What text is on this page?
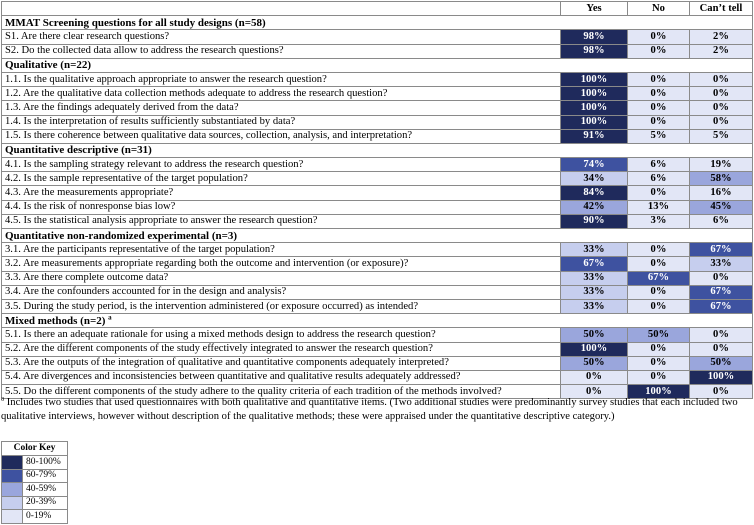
	Yes	No	Can’t tell
MMAT Screening questions for all study designs (n=58)			
S1. Are there clear research questions?	98%	0%	2%
S2. Do the collected data allow to address the research questions?	98%	0%	2%
Qualitative (n=22)			
1.1. Is the qualitative approach appropriate to answer the research question?	100%	0%	0%
1.2. Are the qualitative data collection methods adequate to address the research question?	100%	0%	0%
1.3. Are the findings adequately derived from the data?	100%	0%	0%
1.4. Is the interpretation of results sufficiently substantiated by data?	100%	0%	0%
1.5. Is there coherence between qualitative data sources, collection, analysis, and interpretation?	91%	5%	5%
Quantitative descriptive (n=31)			
4.1. Is the sampling strategy relevant to address the research question?	74%	6%	19%
4.2. Is the sample representative of the target population?	34%	6%	58%
4.3. Are the measurements appropriate?	84%	0%	16%
4.4. Is the risk of nonresponse bias low?	42%	13%	45%
4.5. Is the statistical analysis appropriate to answer the research question?	90%	3%	6%
Quantitative non-randomized experimental (n=3)			
3.1. Are the participants representative of the target population?	33%	0%	67%
3.2. Are measurements appropriate regarding both the outcome and intervention (or exposure)?	67%	0%	33%
3.3. Are there complete outcome data?	33%	67%	0%
3.4. Are the confounders accounted for in the design and analysis?	33%	0%	67%
3.5. During the study period, is the intervention administered (or exposure occurred) as intended?	33%	0%	67%
Mixed methods (n=2) $^a$
5.1. Is there an adequate rationale for using a mixed methods design to address the research question?	50%	50%	0%
5.2. Are the different components of the study effectively integrated to answer the research question?	100%	0%	0%
5.3. Are the outputs of the integration of qualitative and quantitative components adequately interpreted?	50%	0%	50%
5.4. Are divergences and inconsistencies between quantitative and qualitative results adequately addressed?	0%	0%	100%
5.5. Do the different components of the study adhere to the quality criteria of each tradition of the methods involved?	0%	100%	0%
$^a$ Includes two studies that used questionnaires with both qualitative and quantitative items. (Two additional studies were predominantly survey studies that each included two qualitative interviews, however without description of the qualitative methods; these were appraised under the quantitative descriptive category.)
Color Key	
	80-100%
	60-79%
	40-59%
	20-39%
	0-19%
